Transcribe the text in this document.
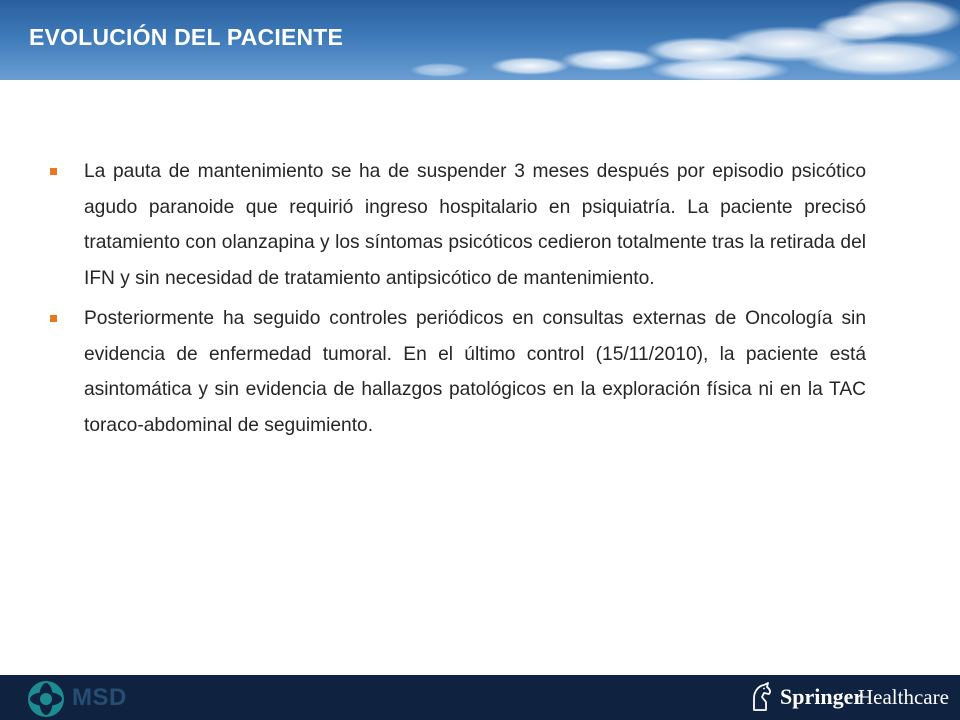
EVOLUCIÓN DEL PACIENTE

La pauta de mantenimiento se ha de suspender 3 meses después por episodio psicótico agudo paranoide que requirió ingreso hospitalario en psiquiatría. La paciente precisó tratamiento con olanzapina y los síntomas psicóticos cedieron totalmente tras la retirada del IFN y sin necesidad de tratamiento antipsicótico de mantenimiento.

Posteriormente ha seguido controles periódicos en consultas externas de Oncología sin evidencia de enfermedad tumoral. En el último control (15/11/2010), la paciente está asintomática y sin evidencia de hallazgos patológicos en la exploración física ni en la TAC toraco-abdominal de seguimiento.

MSD	Springer
Healthcare
